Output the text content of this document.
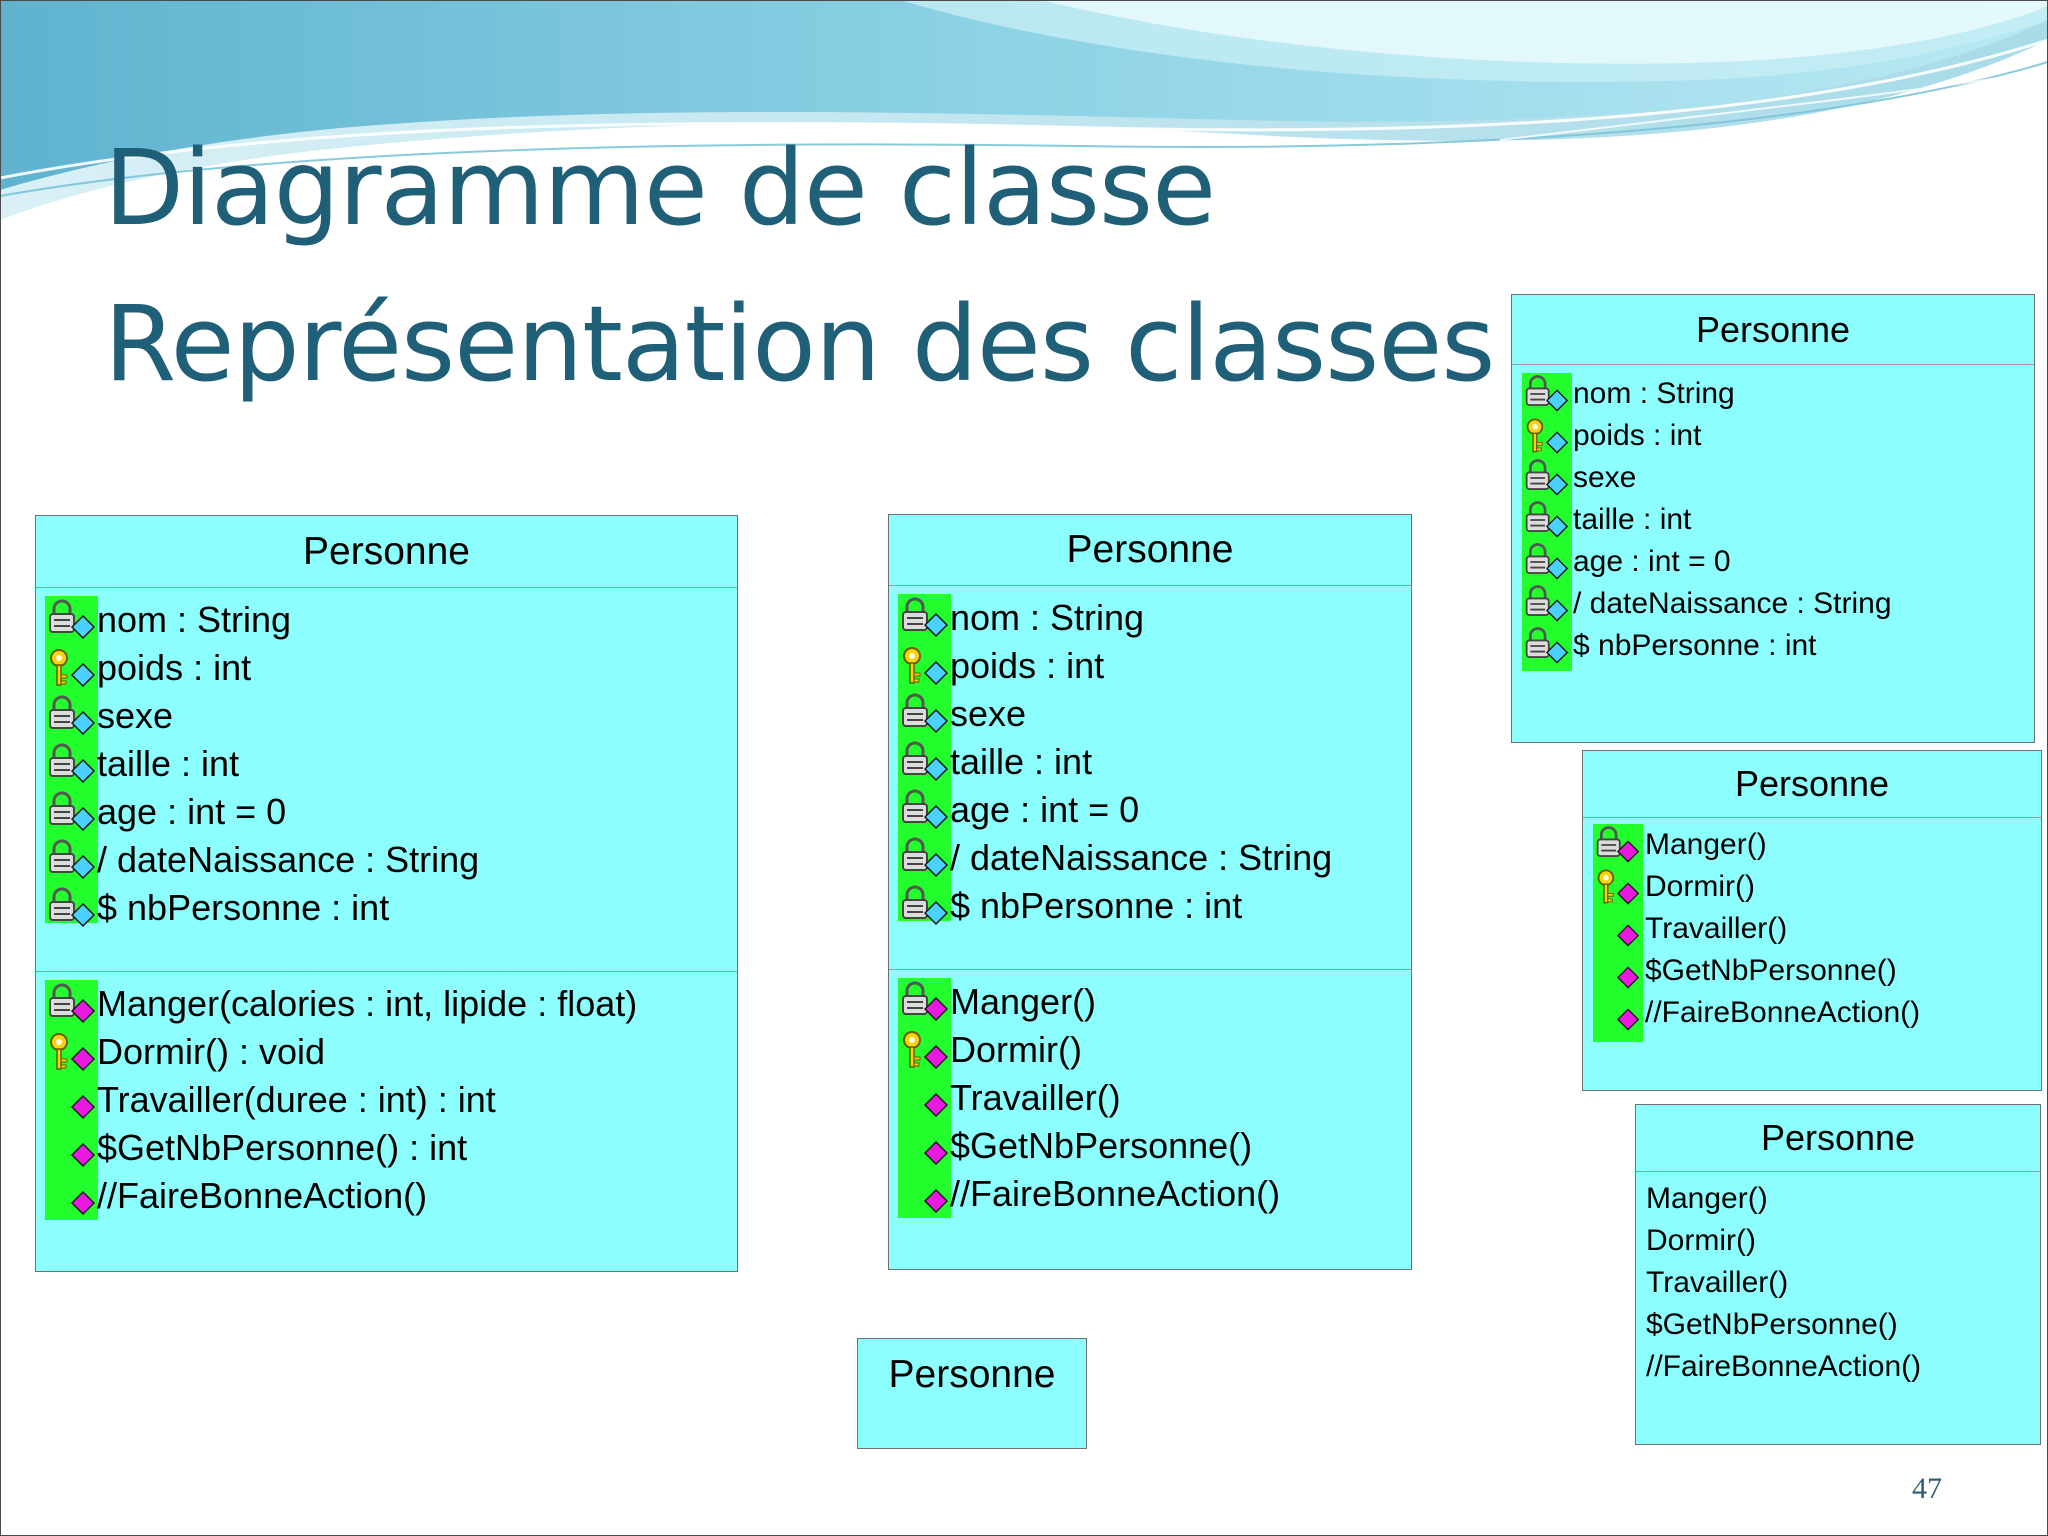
Diagramme de classe
Représentation des classes
Personne
nom : String
poids : int
sexe
taille : int
age : int = 0
/ dateNaissance : String
$ nbPersonne : int
Manger(calories : int, lipide : float)
Dormir() : void
Travailler(duree : int) : int
$GetNbPersonne() : int
//FaireBonneAction()
Personne
nom : String
poids : int
sexe
taille : int
age : int = 0
/ dateNaissance : String
$ nbPersonne : int
Manger()
Dormir()
Travailler()
$GetNbPersonne()
//FaireBonneAction()
Personne
nom : String
poids : int
sexe
taille : int
age : int = 0
/ dateNaissance : String
$ nbPersonne : int
Personne
Manger()
Dormir()
Travailler()
$GetNbPersonne()
//FaireBonneAction()
Personne
Manger()
Dormir()
Travailler()
$GetNbPersonne()
//FaireBonneAction()
Personne
47
